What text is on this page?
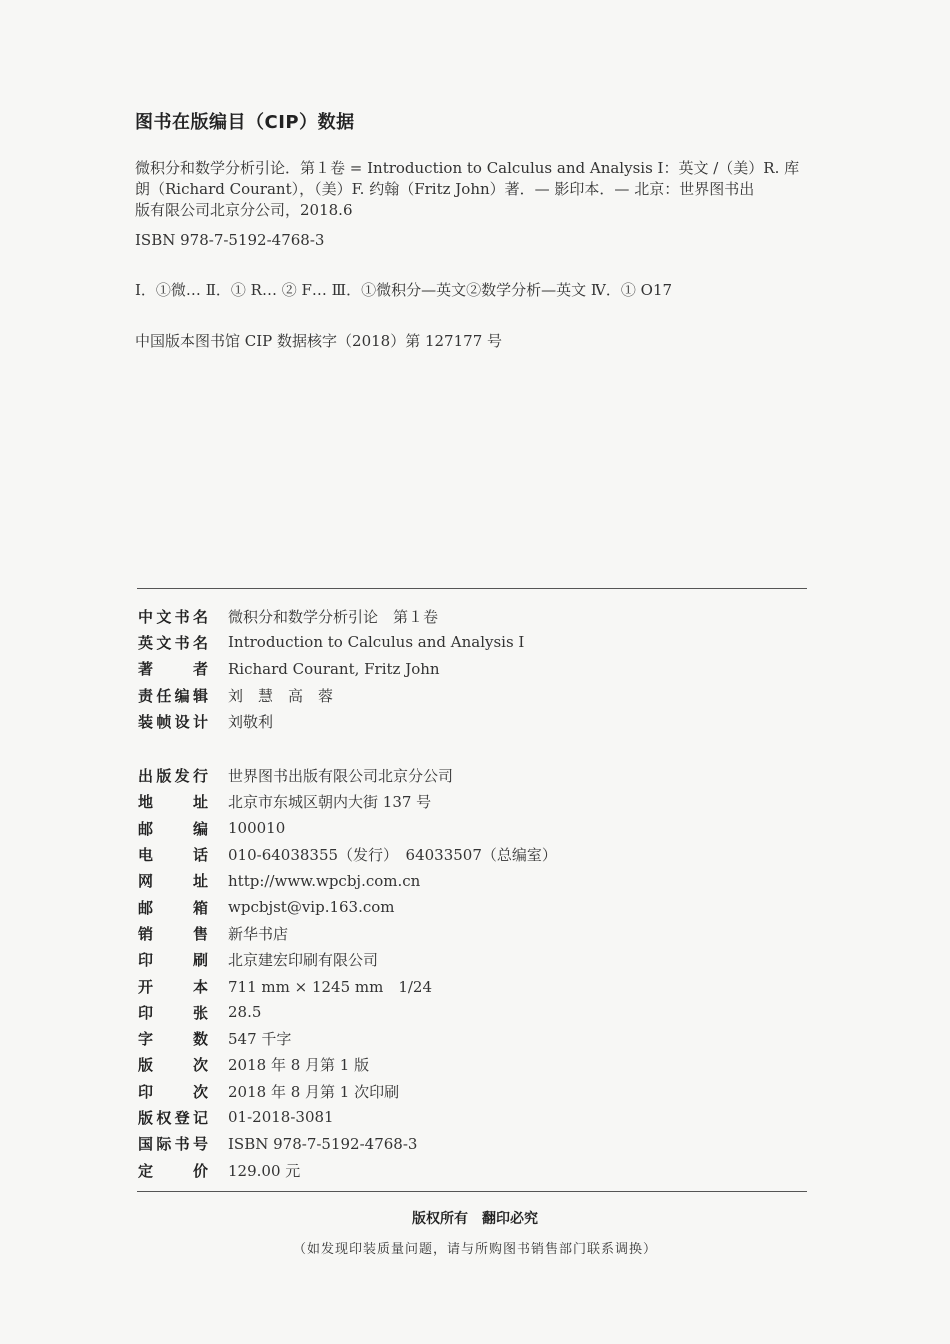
图书在版编目（CIP）数据
微积分和数学分析引论．第１卷 = Introduction to Calculus and Analysis Ⅰ：英文 /（美）R. 库
朗（Richard Courant），（美）F. 约翰（Fritz John）著．— 影印本．— 北京：世界图书出
版有限公司北京分公司，2018.6
ISBN 978-7-5192-4768-3
Ⅰ．①微… Ⅱ．① R… ② F… Ⅲ．①微积分—英文②数学分析—英文 Ⅳ．① O17
中国版本图书馆 CIP 数据核字（2018）第 127177 号
中 文 书 名 微积分和数学分析引论　第１卷
英 文 书 名 Introduction to Calculus and Analysis I
著	者 Richard Courant, Fritz John
责 任 编 辑 刘　慧　高　蓉
装 帧 设 计 刘敬利
出 版 发 行 世界图书出版有限公司北京分公司
地	址 北京市东城区朝内大街 137 号
邮	编 100010
电	话 010-64038355（发行）　64033507（总编室）
网	址 http://www.wpcbj.com.cn
邮	箱 wpcbjst@vip.163.com
销	售 新华书店
印	刷 北京建宏印刷有限公司
开	本 711 mm × 1245 mm　1/24
印	张 28.5
字	数 547 千字
版	次 2018 年 8 月第 1 版
印	次 2018 年 8 月第 1 次印刷
版 权 登 记 01-2018-3081
国 际 书 号 ISBN 978-7-5192-4768-3
定	价 129.00 元
版权所有　翻印必究
（如发现印装质量问题，请与所购图书销售部门联系调换）
